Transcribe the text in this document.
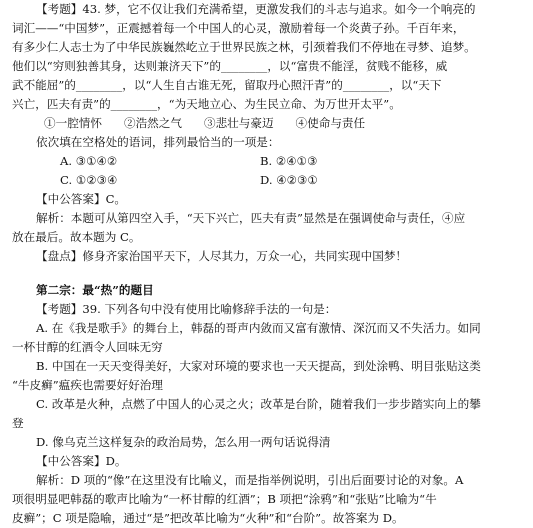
【考题】43. 梦，它不仅让我们充满希望，更激发我们的斗志与追求。如今一个响亮的
词汇——“中国梦”，正震撼着每一个中国人的心灵，激励着每一个炎黄子孙。千百年来，
有多少仁人志士为了中华民族巍然屹立于世界民族之林，引颈着我们不停地在寻梦、追梦。
他们以“穷则独善其身，达则兼济天下”的________，以“富贵不能淫，贫贱不能移，威
武不能屈”的________，以“人生自古谁无死，留取丹心照汗青”的________，以“天下
兴亡，匹夫有责”的________，“为天地立心、为生民立命、为万世开太平”。
①一腔情怀 ②浩然之气 ③悲壮与豪迈 ④使命与责任
依次填在空格处的语词，排列最恰当的一项是：
A. ③①④②	B. ②④①③
C. ①②③④	D. ④②③①
【中公答案】C。
解析：本题可从第四空入手，“天下兴亡，匹夫有责”显然是在强调使命与责任，④应
放在最后。故本题为 C。
【盘点】修身齐家治国平天下，人尽其力，万众一心，共同实现中国梦！
第二宗：最“热”的题目
【考题】39. 下列各句中没有使用比喻修辞手法的一句是：
A. 在《我是歌手》的舞台上，韩磊的哥声内敛而又富有激情、深沉而又不失活力。如同
一杯甘醇的红酒令人回味无穷
B. 中国在一天天变得美好，大家对环境的要求也一天天提高，到处涂鸭、明目张贴这类
“牛皮癣”瘟疾也需要好好治理
C. 改革是火种，点燃了中国人的心灵之火；改革是台阶，随着我们一步步踏实向上的攀
登
D. 像乌克兰这样复杂的政治局势，怎么用一两句话说得清
【中公答案】D。
解析：D 项的“像”在这里没有比喻义，而是指举例说明，引出后面要讨论的对象。A
项很明显吧韩磊的歌声比喻为“一杯甘醇的红酒”；B 项把“涂鸦”和“张贴”比喻为“牛
皮癣”；C 项是隐喻，通过“是”把改革比喻为“火种”和“台阶”。故答案为 D。
